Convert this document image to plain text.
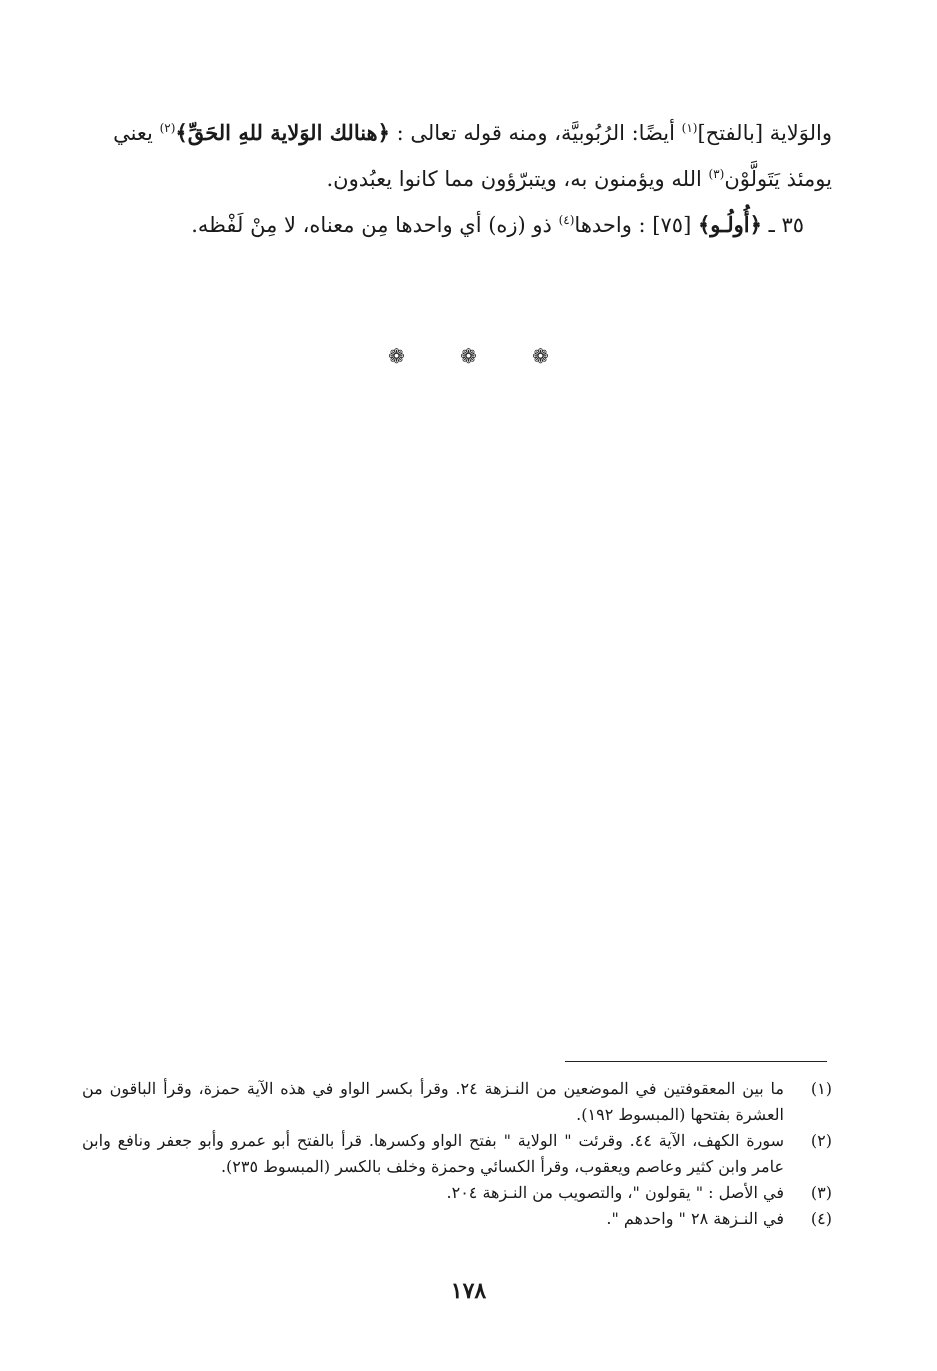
والوَلاية [بالفتح]$^{(١)}$ أيضًا: الرُبُوبيَّة، ومنه قوله تعالى : ﴿هنالك الوَلاية للهِ الحَقِّ﴾$^{(٢)}$ يعني يومئذ يَتَولَّوْن$^{(٣)}$ الله ويؤمنون به، ويتبرّؤون مما كانوا يعبُدون.

٣٥ ـ ﴿أُولُـو﴾ [٧٥] : واحدها$^{(٤)}$ ذو (زه) أي واحدها مِن معناه، لا مِنْ لَفْظه.

❁	❁	❁
(١)
ما بين المعقوفتين في الموضعين من النـزهة ٢٤. وقرأ بكسر الواو في هذه الآية حمزة، وقرأ الباقون من العشرة بفتحها (المبسوط ١٩٢).
(٢)
سورة الكهف، الآية ٤٤. وقرئت " الولاية " بفتح الواو وكسرها. قرأ بالفتح أبو عمرو وأبو جعفر ونافع وابن عامر وابن كثير وعاصم ويعقوب، وقرأ الكسائي وحمزة وخلف بالكسر (المبسوط ٢٣٥).
(٣)
في الأصل : " يقولون "، والتصويب من النـزهة ٢٠٤.
(٤)
في النـزهة ٢٨ " واحدهم ".
١٧٨
